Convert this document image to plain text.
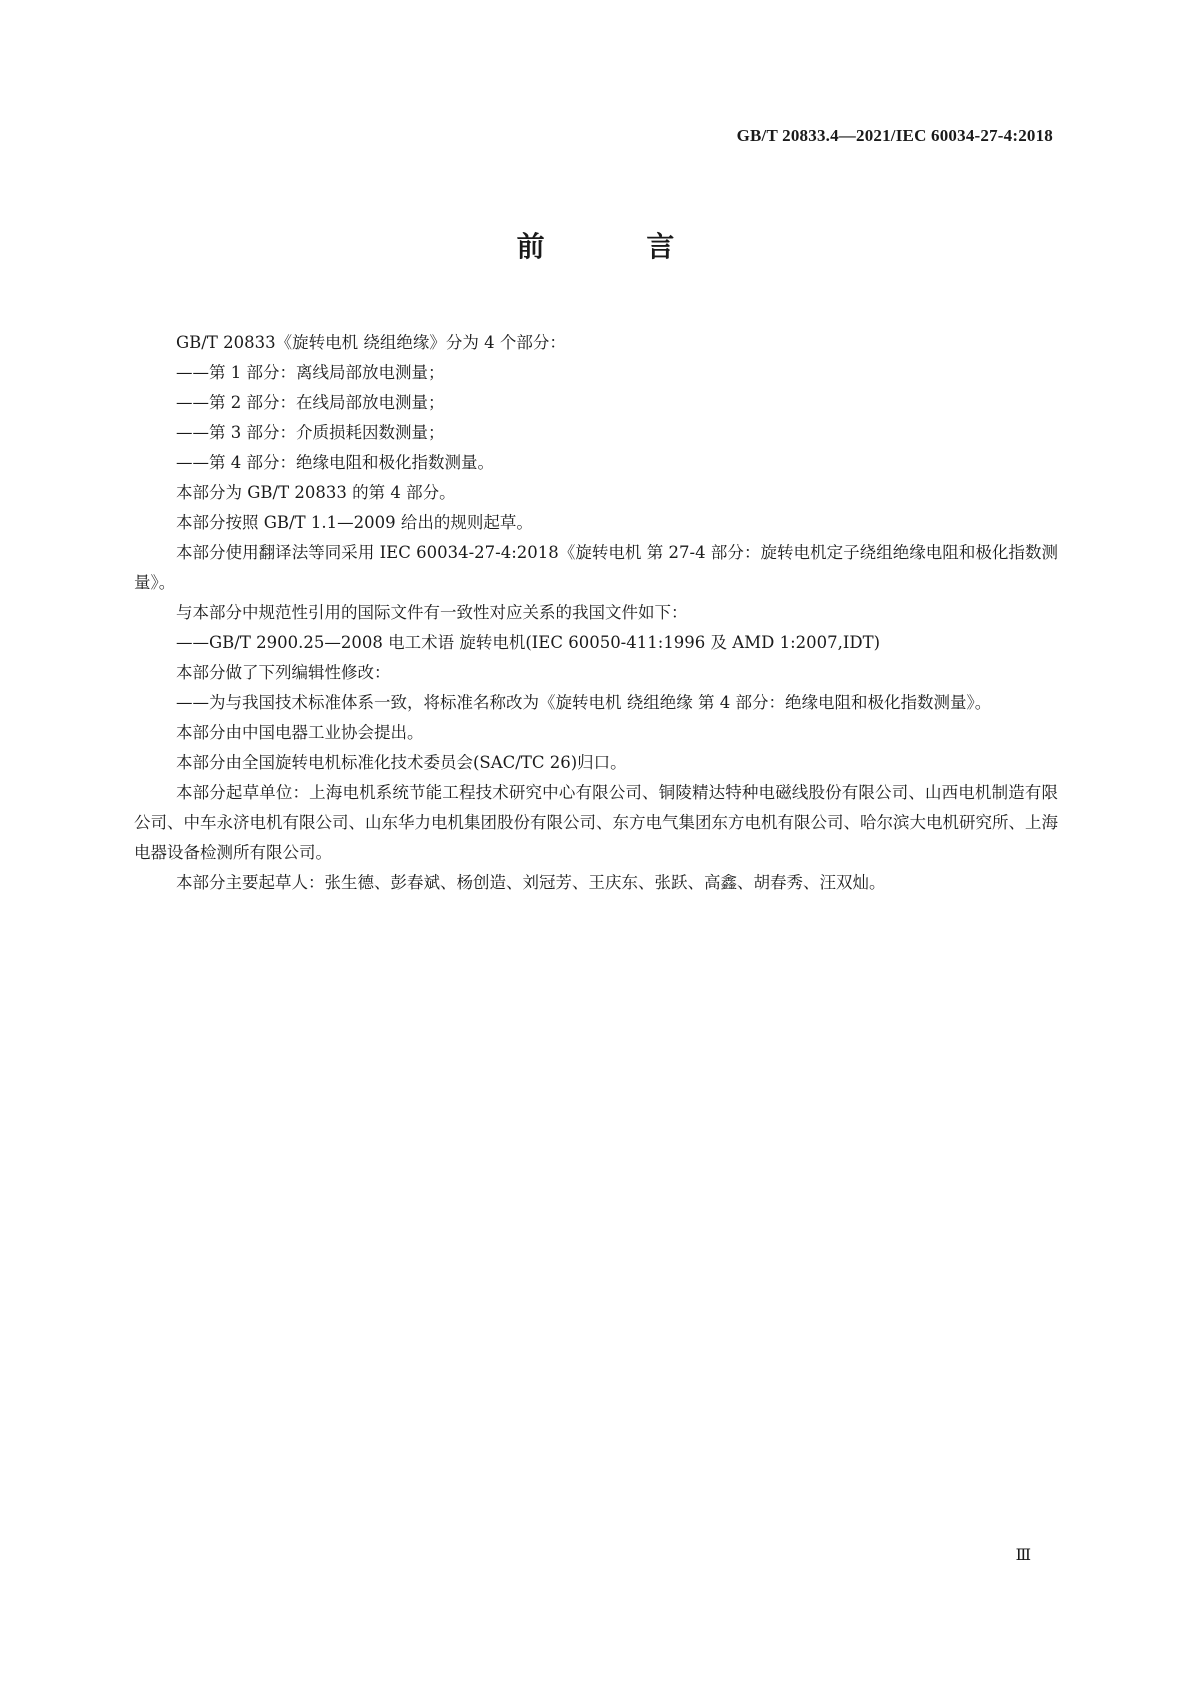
GB/T 20833.4—2021/IEC 60034-27-4:2018
前 言

GB/T 20833《旋转电机 绕组绝缘》分为 4 个部分：

——第 1 部分：离线局部放电测量；

——第 2 部分：在线局部放电测量；

——第 3 部分：介质损耗因数测量；

——第 4 部分：绝缘电阻和极化指数测量。

本部分为 GB/T 20833 的第 4 部分。

本部分按照 GB/T 1.1—2009 给出的规则起草。

本部分使用翻译法等同采用 IEC 60034-27-4:2018《旋转电机 第 27-4 部分：旋转电机定子绕组绝缘电阻和极化指数测量》。

与本部分中规范性引用的国际文件有一致性对应关系的我国文件如下：

——GB/T 2900.25—2008 电工术语 旋转电机(IEC 60050-411:1996 及 AMD 1:2007,IDT)

本部分做了下列编辑性修改：

——为与我国技术标准体系一致，将标准名称改为《旋转电机 绕组绝缘 第 4 部分：绝缘电阻和极化指数测量》。

本部分由中国电器工业协会提出。

本部分由全国旋转电机标准化技术委员会(SAC/TC 26)归口。

本部分起草单位：上海电机系统节能工程技术研究中心有限公司、铜陵精达特种电磁线股份有限公司、山西电机制造有限公司、中车永济电机有限公司、山东华力电机集团股份有限公司、东方电气集团东方电机有限公司、哈尔滨大电机研究所、上海电器设备检测所有限公司。

本部分主要起草人：张生德、彭春斌、杨创造、刘冠芳、王庆东、张跃、高鑫、胡春秀、汪双灿。

Ⅲ
